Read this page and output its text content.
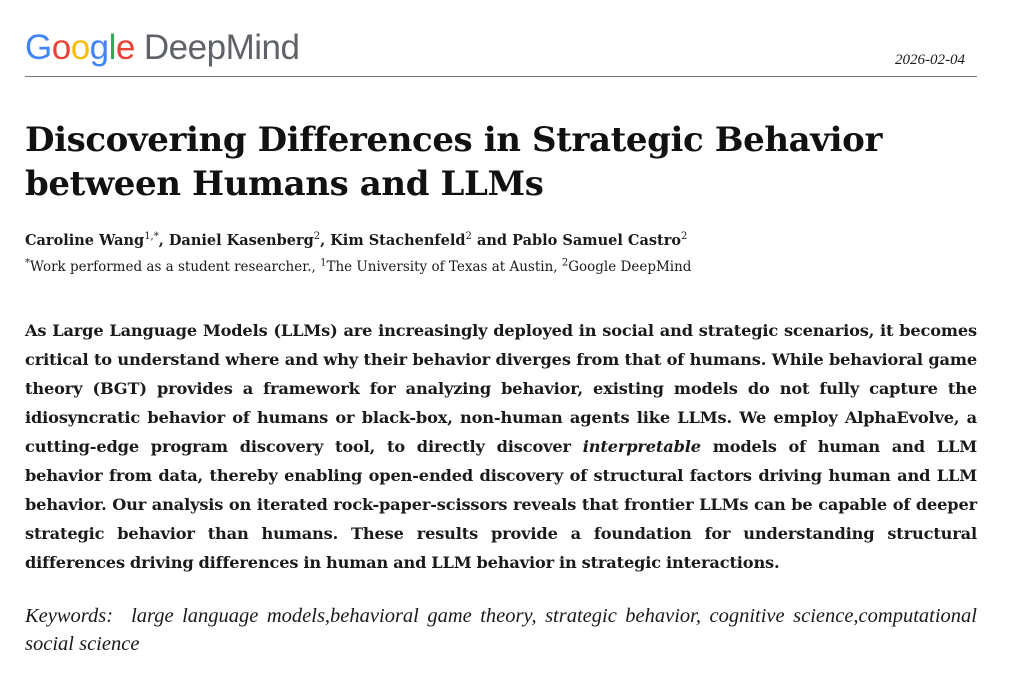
Google DeepMind	2026-02-04
Discovering Differences in Strategic Behavior between Humans and LLMs
Caroline Wang$^{1,*}$, Daniel Kasenberg$^2$, Kim Stachenfeld$^2$ and Pablo Samuel Castro$^2$
*Work performed as a student researcher., $^1$The University of Texas at Austin, $^2$Google DeepMind

As Large Language Models (LLMs) are increasingly deployed in social and strategic scenarios, it becomes critical to understand where and why their behavior diverges from that of humans. While behavioral game theory (BGT) provides a framework for analyzing behavior, existing models do not fully capture the idiosyncratic behavior of humans or black-box, non-human agents like LLMs. We employ AlphaEvolve, a cutting-edge program discovery tool, to directly discover interpretable models of human and LLM behavior from data, thereby enabling open-ended discovery of structural factors driving human and LLM behavior. Our analysis on iterated rock-paper-scissors reveals that frontier LLMs can be capable of deeper strategic behavior than humans. These results provide a foundation for understanding structural differences driving differences in human and LLM behavior in strategic interactions.

Keywords: large language models,behavioral game theory, strategic behavior, cognitive science,computational social science
